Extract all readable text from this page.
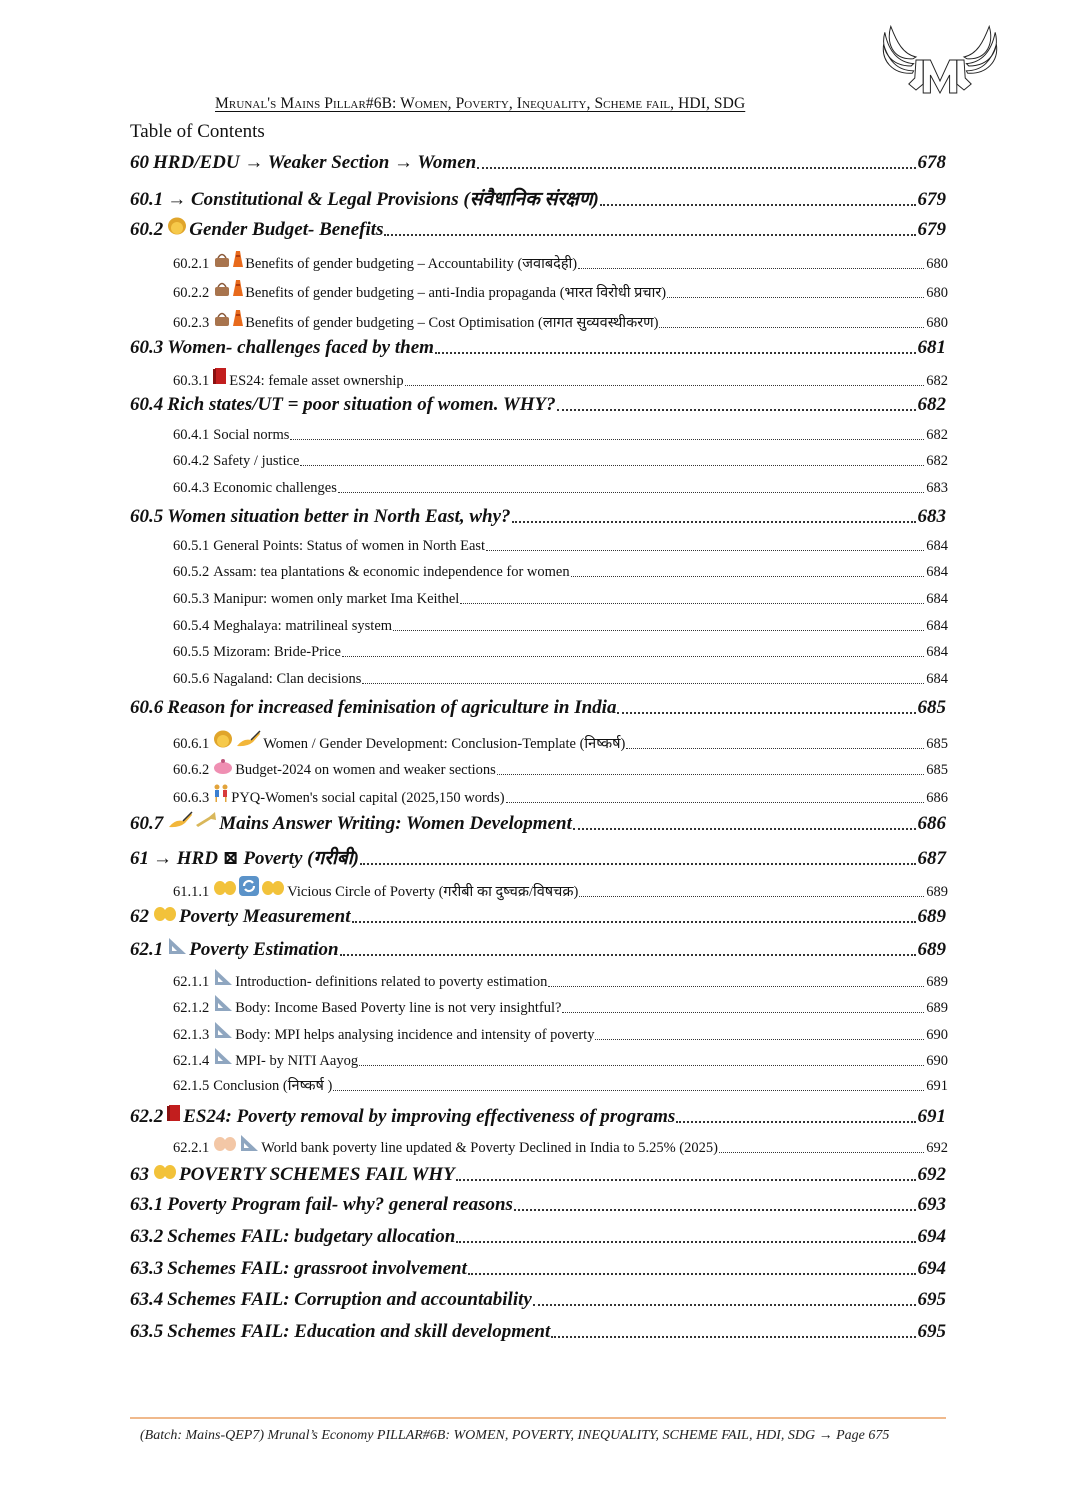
Mrunal's Mains Pillar#6B: Women, Poverty, Inequality, Scheme fail, HDI, SDG
Table of Contents
60 HRD/EDU → Weaker Section → Women	678
60.1 → Constitutional & Legal Provisions (संवैधानिक संरक्षण)	679
60.2 Gender Budget- Benefits	679
60.2.1 Benefits of gender budgeting – Accountability (जवाबदेही)	680
60.2.2 Benefits of gender budgeting – anti-India propaganda (भारत विरोधी प्रचार)	680
60.2.3 Benefits of gender budgeting – Cost Optimisation (लागत सुव्यवस्थीकरण)	680
60.3 Women- challenges faced by them	681
60.3.1 ES24: female asset ownership	682
60.4 Rich states/UT = poor situation of women. WHY?	682
60.4.1 Social norms	682
60.4.2 Safety / justice	682
60.4.3 Economic challenges	683
60.5 Women situation better in North East, why?	683
60.5.1 General Points: Status of women in North East	684
60.5.2 Assam: tea plantations & economic independence for women	684
60.5.3 Manipur: women only market Ima Keithel	684
60.5.4 Meghalaya: matrilineal system	684
60.5.5 Mizoram: Bride-Price	684
60.5.6 Nagaland: Clan decisions	684
60.6 Reason for increased feminisation of agriculture in India	685
60.6.1	Women / Gender Development: Conclusion-Template (निष्कर्ष)	685
60.6.2 Budget-2024 on women and weaker sections	685
60.6.3 PYQ-Women's social capital (2025,150 words)	686
60.7	Mains Answer Writing: Women Development	686
61 → HRD ⊠ Poverty (गरीबी)	687
61.1.1	Vicious Circle of Poverty (गरीबी का दुष्चक्र/विषचक्र)	689
62 Poverty Measurement	689
62.1 Poverty Estimation	689
62.1.1 Introduction- definitions related to poverty estimation	689
62.1.2 Body: Income Based Poverty line is not very insightful?	689
62.1.3 Body: MPI helps analysing incidence and intensity of poverty	690
62.1.4 MPI- by NITI Aayog	690
62.1.5 Conclusion (निष्कर्ष )	691
62.2 ES24: Poverty removal by improving effectiveness of programs	691
62.2.1	World bank poverty line updated & Poverty Declined in India to 5.25% (2025)	692
63 POVERTY SCHEMES FAIL WHY	692
63.1 Poverty Program fail- why? general reasons	693
63.2 Schemes FAIL: budgetary allocation	694
63.3 Schemes FAIL: grassroot involvement	694
63.4 Schemes FAIL: Corruption and accountability	695
63.5 Schemes FAIL: Education and skill development	695
(Batch: Mains-QEP7) Mrunal’s Economy PILLAR#6B: WOMEN, POVERTY, INEQUALITY, SCHEME FAIL, HDI, SDG → Page 675
